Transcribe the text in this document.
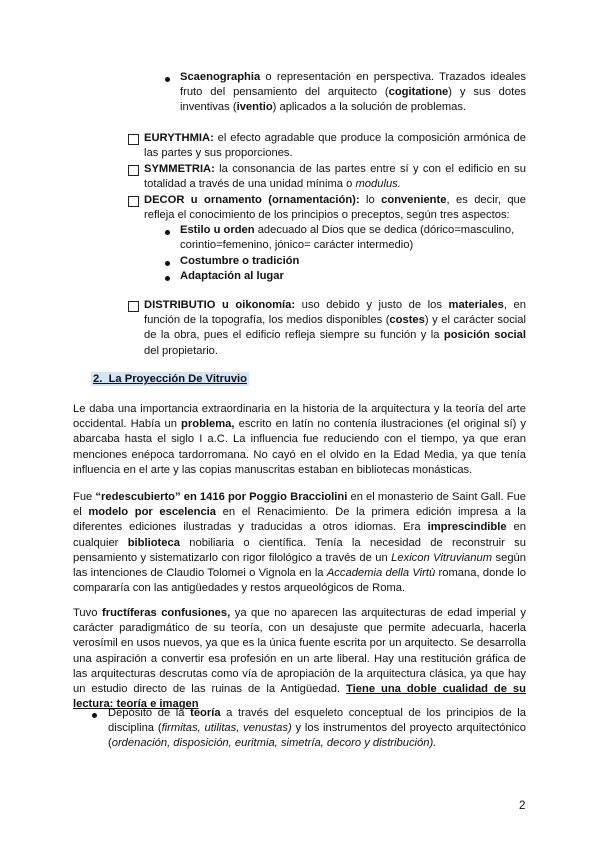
Scaenographia o representación en perspectiva. Trazados ideales fruto del pensamiento del arquitecto (cogitatione) y sus dotes inventivas (iventio) aplicados a la solución de problemas.
EURYTHMIA: el efecto agradable que produce la composición armónica de las partes y sus proporciones.
SYMMETRIA: la consonancia de las partes entre sí y con el edificio en su totalidad a través de una unidad mínima o modulus.
DECOR u ornamento (ornamentación): lo conveniente, es decir, que refleja el conocimiento de los principios o preceptos, según tres aspectos:
Estilo u orden adecuado al Dios que se dedica (dórico=masculino, corintio=femenino, jónico= carácter intermedio)
Costumbre o tradición
Adaptación al lugar
DISTRIBUTIO u oikonomía: uso debido y justo de los materiales, en función de la topografía, los medios disponibles (costes) y el carácter social de la obra, pues el edificio refleja siempre su función y la posición social del propietario.
2. La Proyección De Vitruvio
Le daba una importancia extraordinaria en la historia de la arquitectura y la teoría del arte occidental. Había un problema, escrito en latín no contenía ilustraciones (el original sí) y abarcaba hasta el siglo I a.C. La influencia fue reduciendo con el tiempo, ya que eran menciones enépoca tardorromana. No cayó en el olvido en la Edad Media, ya que tenía influencia en el arte y las copias manuscritas estaban en bibliotecas monásticas.
Fue “redescubierto” en 1416 por Poggio Bracciolini en el monasterio de Saint Gall. Fue el modelo por escelencia en el Renacimiento. De la primera edición impresa a la diferentes ediciones ilustradas y traducidas a otros idiomas. Era imprescindible en cualquier biblioteca nobiliaria o científica. Tenía la necesidad de reconstruir su pensamiento y sistematizarlo con rigor filológico a través de un Lexicon Vitruvianum según las intenciones de Claudio Tolomei o Vignola en la Accademia della Virtù romana, donde lo compararía con las antigüedades y restos arqueológicos de Roma.
Tuvo fructíferas confusiones, ya que no aparecen las arquitecturas de edad imperial y carácter paradigmático de su teoría, con un desajuste que permite adecuarla, hacerla verosímil en usos nuevos, ya que es la única fuente escrita por un arquitecto. Se desarrolla una aspiración a convertir esa profesión en un arte liberal. Hay una restitución gráfica de las arquitecturas descrutas como vía de apropiación de la arquitectura clásica, ya que hay un estudio directo de las ruinas de la Antigüedad. Tiene una doble cualidad de su lectura: teoría e imagen
Depósito de la teoría a través del esqueleto conceptual de los principios de la disciplina (firmitas, utilitas, venustas) y los instrumentos del proyecto arquitectónico (ordenación, disposición, euritmia, simetría, decoro y distribución).
2
